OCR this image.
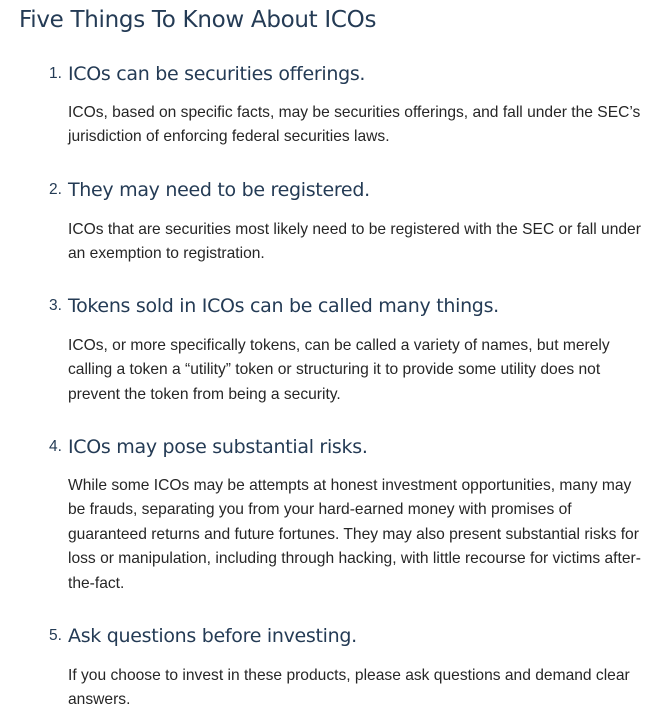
Five Things To Know About ICOs
1. ICOs can be securities offerings.

ICOs, based on specific facts, may be securities offerings, and fall under the SEC’s jurisdiction of enforcing federal securities laws.

2. They may need to be registered.

ICOs that are securities most likely need to be registered with the SEC or fall under an exemption to registration.

3. Tokens sold in ICOs can be called many things.

ICOs, or more specifically tokens, can be called a variety of names, but merely calling a token a “utility” token or structuring it to provide some utility does not prevent the token from being a security.

4. ICOs may pose substantial risks.

While some ICOs may be attempts at honest investment opportunities, many may be frauds, separating you from your hard-earned money with promises of guaranteed returns and future fortunes. They may also present substantial risks for loss or manipulation, including through hacking, with little recourse for victims after-the-fact.

5. Ask questions before investing.

If you choose to invest in these products, please ask questions and demand clear answers.
